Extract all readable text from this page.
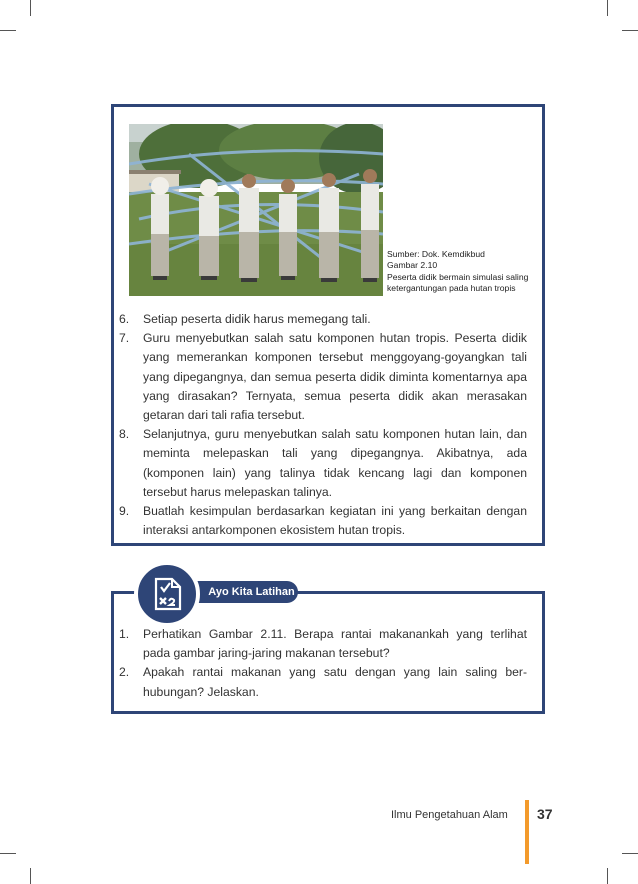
Sumber: Dok. Kemdikbud
Gambar 2.10
Peserta didik bermain simulasi saling
ketergantungan pada hutan tropis
6. Setiap peserta didik harus memegang tali.
7. Guru menyebutkan salah satu komponen hutan tropis. Peserta didik yang memerankan komponen tersebut menggoyang-goyangkan tali yang dipegangnya, dan semua peserta didik diminta komentarnya apa yang dirasakan? Ternyata, semua peserta didik akan merasakan getaran dari tali rafia tersebut.
8. Selanjutnya, guru menyebutkan salah satu komponen hutan lain, dan meminta melepaskan tali yang dipegangnya. Akibatnya, ada (komponen lain) yang talinya tidak kencang lagi dan komponen tersebut harus melepaskan talinya.
9. Buatlah kesimpulan berdasarkan kegiatan ini yang berkaitan dengan interaksi antarkomponen ekosistem hutan tropis.
Ayo Kita Latihan
1. Perhatikan Gambar 2.11. Berapa rantai makanankah yang terlihat pada gambar jaring-jaring makanan tersebut?
2. Apakah rantai makanan yang satu dengan yang lain saling ber-hubungan? Jelaskan.
Ilmu Pengetahuan Alam 37
